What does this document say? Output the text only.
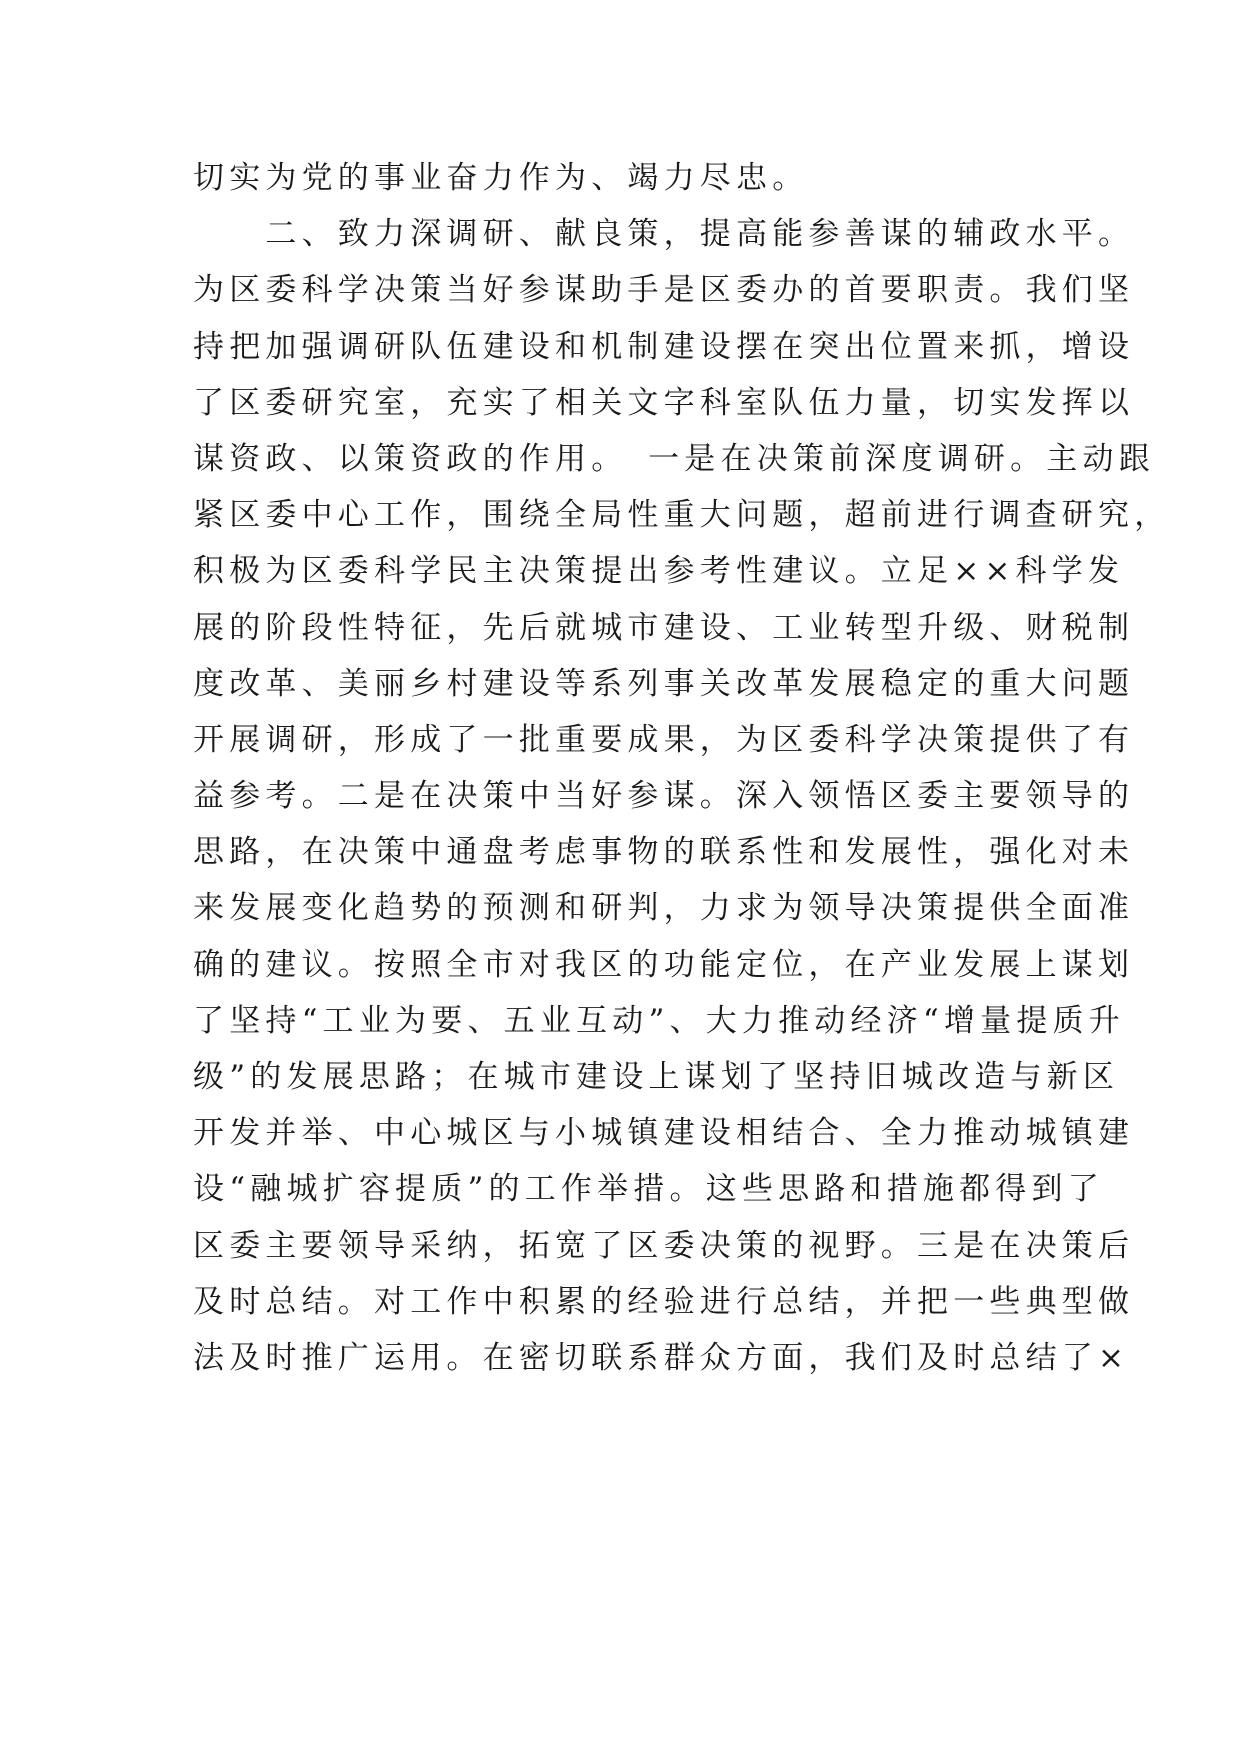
切实为党的事业奋力作为、竭力尽忠。
　　二、致力深调研、献良策，提高能参善谋的辅政水平。
为区委科学决策当好参谋助手是区委办的首要职责。我们坚
持把加强调研队伍建设和机制建设摆在突出位置来抓，增设
了区委研究室，充实了相关文字科室队伍力量，切实发挥以
谋资政、以策资政的作用。　一是在决策前深度调研。主动跟
紧区委中心工作，围绕全局性重大问题，超前进行调查研究，
积极为区委科学民主决策提出参考性建议。立足××科学发
展的阶段性特征，先后就城市建设、工业转型升级、财税制
度改革、美丽乡村建设等系列事关改革发展稳定的重大问题
开展调研，形成了一批重要成果，为区委科学决策提供了有
益参考。二是在决策中当好参谋。深入领悟区委主要领导的
思路，在决策中通盘考虑事物的联系性和发展性，强化对未
来发展变化趋势的预测和研判，力求为领导决策提供全面准
确的建议。按照全市对我区的功能定位，在产业发展上谋划
了坚持“工业为要、五业互动”、大力推动经济“增量提质升
级”的发展思路；在城市建设上谋划了坚持旧城改造与新区
开发并举、中心城区与小城镇建设相结合、全力推动城镇建
设“融城扩容提质”的工作举措。这些思路和措施都得到了
区委主要领导采纳，拓宽了区委决策的视野。三是在决策后
及时总结。对工作中积累的经验进行总结，并把一些典型做
法及时推广运用。在密切联系群众方面，我们及时总结了×
